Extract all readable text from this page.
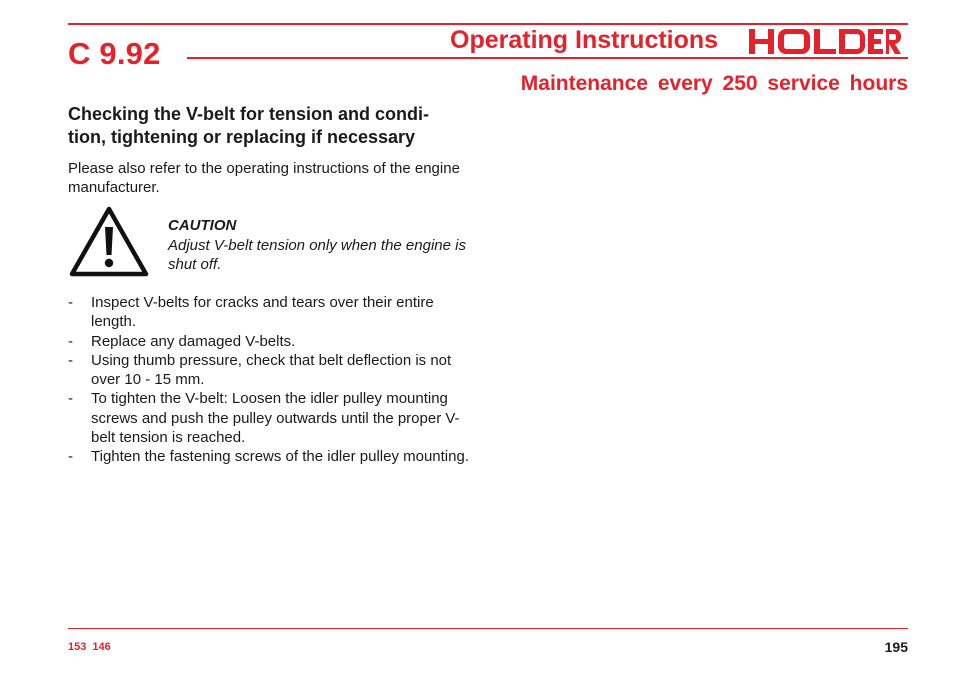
C 9.92	Operating Instructions
Maintenance every 250 service hours
Checking the V-belt for tension and condi-
tion, tightening or replacing if necessary
Please also refer to the operating instructions of the engine manufacturer.
CAUTION
Adjust V-belt tension only when the engine is shut off.
- Inspect V-belts for cracks and tears over their entire length.
- Replace any damaged V-belts.
- Using thumb pressure, check that belt deflection is not over 10 - 15 mm.
- To tighten the V-belt: Loosen the idler pulley mounting screws and push the pulley outwards until the proper V-belt tension is reached.
- Tighten the fastening screws of the idler pulley mounting.
153 146	195
